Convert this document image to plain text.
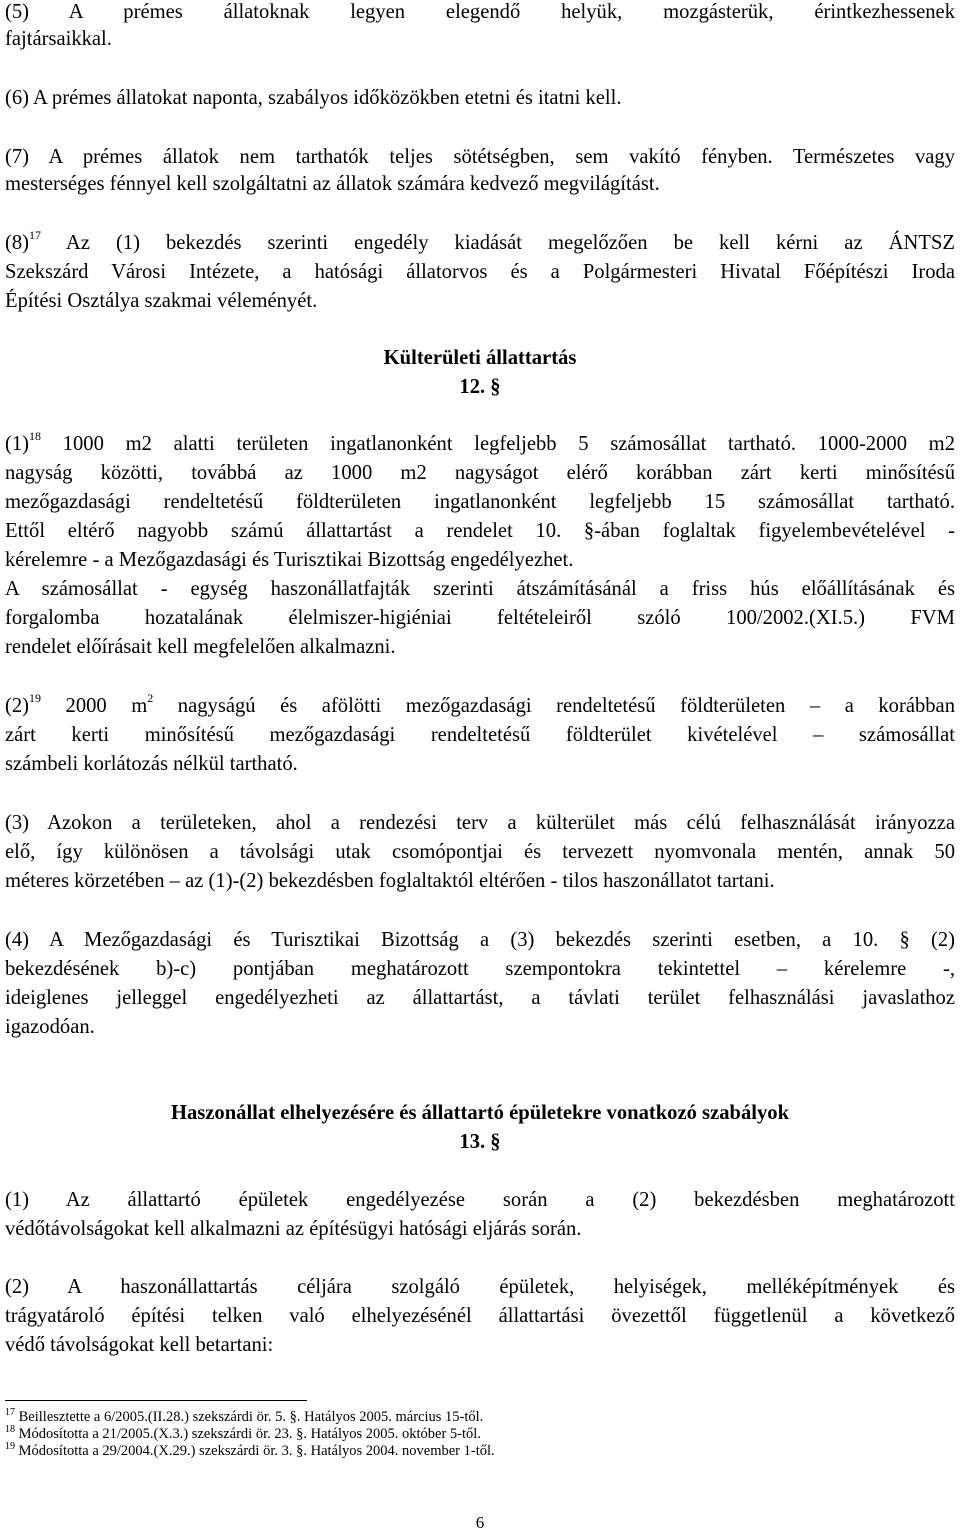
(5) A prémes állatoknak legyen elegendő helyük, mozgásterük, érintkezhessenek

fajtársaikkal.

(6) A prémes állatokat naponta, szabályos időközökben etetni és itatni kell.

(7) A prémes állatok nem tarthatók teljes sötétségben, sem vakító fényben. Természetes vagy

mesterséges fénnyel kell szolgáltatni az állatok számára kedvező megvilágítást.

$(8)^{17}$ Az (1) bekezdés szerinti engedély kiadását megelőzően be kell kérni az ÁNTSZ

Szekszárd Városi Intézete, a hatósági állatorvos és a Polgármesteri Hivatal Főépítészi Iroda

Építési Osztálya szakmai véleményét.

Külterületi állattartás

12. §

$(1)^{18}$ 1000 m2 alatti területen ingatlanonként legfeljebb 5 számosállat tartható. 1000-2000 m2

nagyság közötti, továbbá az 1000 m2 nagyságot elérő korábban zárt kerti minősítésű

mezőgazdasági rendeltetésű földterületen ingatlanonként legfeljebb 15 számosállat tartható.

Ettől eltérő nagyobb számú állattartást a rendelet 10. §-ában foglaltak figyelembevételével -

kérelemre - a Mezőgazdasági és Turisztikai Bizottság engedélyezhet.

A számosállat - egység haszonállatfajták szerinti átszámításánál a friss hús előállításának és

forgalomba hozatalának élelmiszer-higiéniai feltételeiről szóló 100/2002.(XI.5.) FVM

rendelet előírásait kell megfelelően alkalmazni.

$(2)^{19}$ 2000 $m^2$ nagyságú és afölötti mezőgazdasági rendeltetésű földterületen – a korábban

zárt kerti minősítésű mezőgazdasági rendeltetésű földterület kivételével – számosállat

számbeli korlátozás nélkül tartható.

(3) Azokon a területeken, ahol a rendezési terv a külterület más célú felhasználását irányozza

elő, így különösen a távolsági utak csomópontjai és tervezett nyomvonala mentén, annak 50

méteres körzetében – az (1)-(2) bekezdésben foglaltaktól eltérően - tilos haszonállatot tartani.

(4) A Mezőgazdasági és Turisztikai Bizottság a (3) bekezdés szerinti esetben, a 10. § (2)

bekezdésének b)-c) pontjában meghatározott szempontokra tekintettel – kérelemre -,

ideiglenes jelleggel engedélyezheti az állattartást, a távlati terület felhasználási javaslathoz

igazodóan.

Haszonállat elhelyezésére és állattartó épületekre vonatkozó szabályok

13. §

(1) Az állattartó épületek engedélyezése során a (2) bekezdésben meghatározott

védőtávolságokat kell alkalmazni az építésügyi hatósági eljárás során.

(2) A haszonállattartás céljára szolgáló épületek, helyiségek, melléképítmények és

trágyatároló építési telken való elhelyezésénél állattartási övezettől függetlenül a következő

védő távolságokat kell betartani:

$^{17}$ Beillesztette a 6/2005.(II.28.) szekszárdi ör. 5. §. Hatályos 2005. március 15-től.

$^{18}$ Módosította a 21/2005.(X.3.) szekszárdi ör. 23. §. Hatályos 2005. október 5-től.

$^{19}$ Módosította a 29/2004.(X.29.) szekszárdi ör. 3. §. Hatályos 2004. november 1-től.

6
